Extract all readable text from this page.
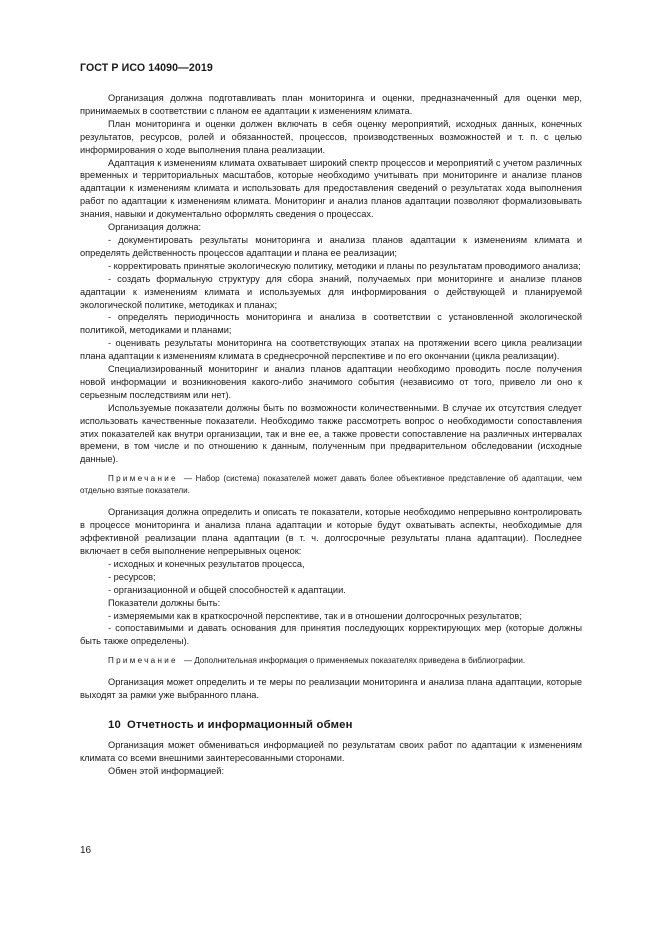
ГОСТ Р ИСО 14090—2019

Организация должна подготавливать план мониторинга и оценки, предназначенный для оценки мер, принимаемых в соответствии с планом ее адаптации к изменениям климата.

План мониторинга и оценки должен включать в себя оценку мероприятий, исходных данных, конечных результатов, ресурсов, ролей и обязанностей, процессов, производственных возможностей и т. п. с целью информирования о ходе выполнения плана реализации.

Адаптация к изменениям климата охватывает широкий спектр процессов и мероприятий с учетом различных временных и территориальных масштабов, которые необходимо учитывать при мониторинге и анализе планов адаптации к изменениям климата и использовать для предоставления сведений о результатах хода выполнения работ по адаптации к изменениям климата. Мониторинг и анализ планов адаптации позволяют формализовывать знания, навыки и документально оформлять сведения о процессах.

Организация должна:

- документировать результаты мониторинга и анализа планов адаптации к изменениям климата и определять действенность процессов адаптации и плана ее реализации;

- корректировать принятые экологическую политику, методики и планы по результатам проводимого анализа;

- создать формальную структуру для сбора знаний, получаемых при мониторинге и анализе планов адаптации к изменениям климата и используемых для информирования о действующей и планируемой экологической политике, методиках и планах;

- определять периодичность мониторинга и анализа в соответствии с установленной экологической политикой, методиками и планами;

- оценивать результаты мониторинга на соответствующих этапах на протяжении всего цикла реализации плана адаптации к изменениям климата в среднесрочной перспективе и по его окончании (цикла реализации).

Специализированный мониторинг и анализ планов адаптации необходимо проводить после получения новой информации и возникновения какого-либо значимого события (независимо от того, привело ли оно к серьезным последствиям или нет).

Используемые показатели должны быть по возможности количественными. В случае их отсутствия следует использовать качественные показатели. Необходимо также рассмотреть вопрос о необходимости сопоставления этих показателей как внутри организации, так и вне ее, а также провести сопоставление на различных интервалах времени, в том числе и по отношению к данным, полученным при предварительном обследовании (исходные данные).

Примечание — Набор (система) показателей может давать более объективное представление об адаптации, чем отдельно взятые показатели.

Организация должна определить и описать те показатели, которые необходимо непрерывно контролировать в процессе мониторинга и анализа плана адаптации и которые будут охватывать аспекты, необходимые для эффективной реализации плана адаптации (в т. ч. долгосрочные результаты плана адаптации). Последнее включает в себя выполнение непрерывных оценок:

- исходных и конечных результатов процесса,

- ресурсов;

- организационной и общей способностей к адаптации.

Показатели должны быть:

- измеряемыми как в краткосрочной перспективе, так и в отношении долгосрочных результатов;

- сопоставимыми и давать основания для принятия последующих корректирующих мер (которые должны быть также определены).

Примечание — Дополнительная информация о применяемых показателях приведена в библиографии.

Организация может определить и те меры по реализации мониторинга и анализа плана адаптации, которые выходят за рамки уже выбранного плана.

10 Отчетность и информационный обмен

Организация может обмениваться информацией по результатам своих работ по адаптации к изменениям климата со всеми внешними заинтересованными сторонами.

Обмен этой информацией:

16
